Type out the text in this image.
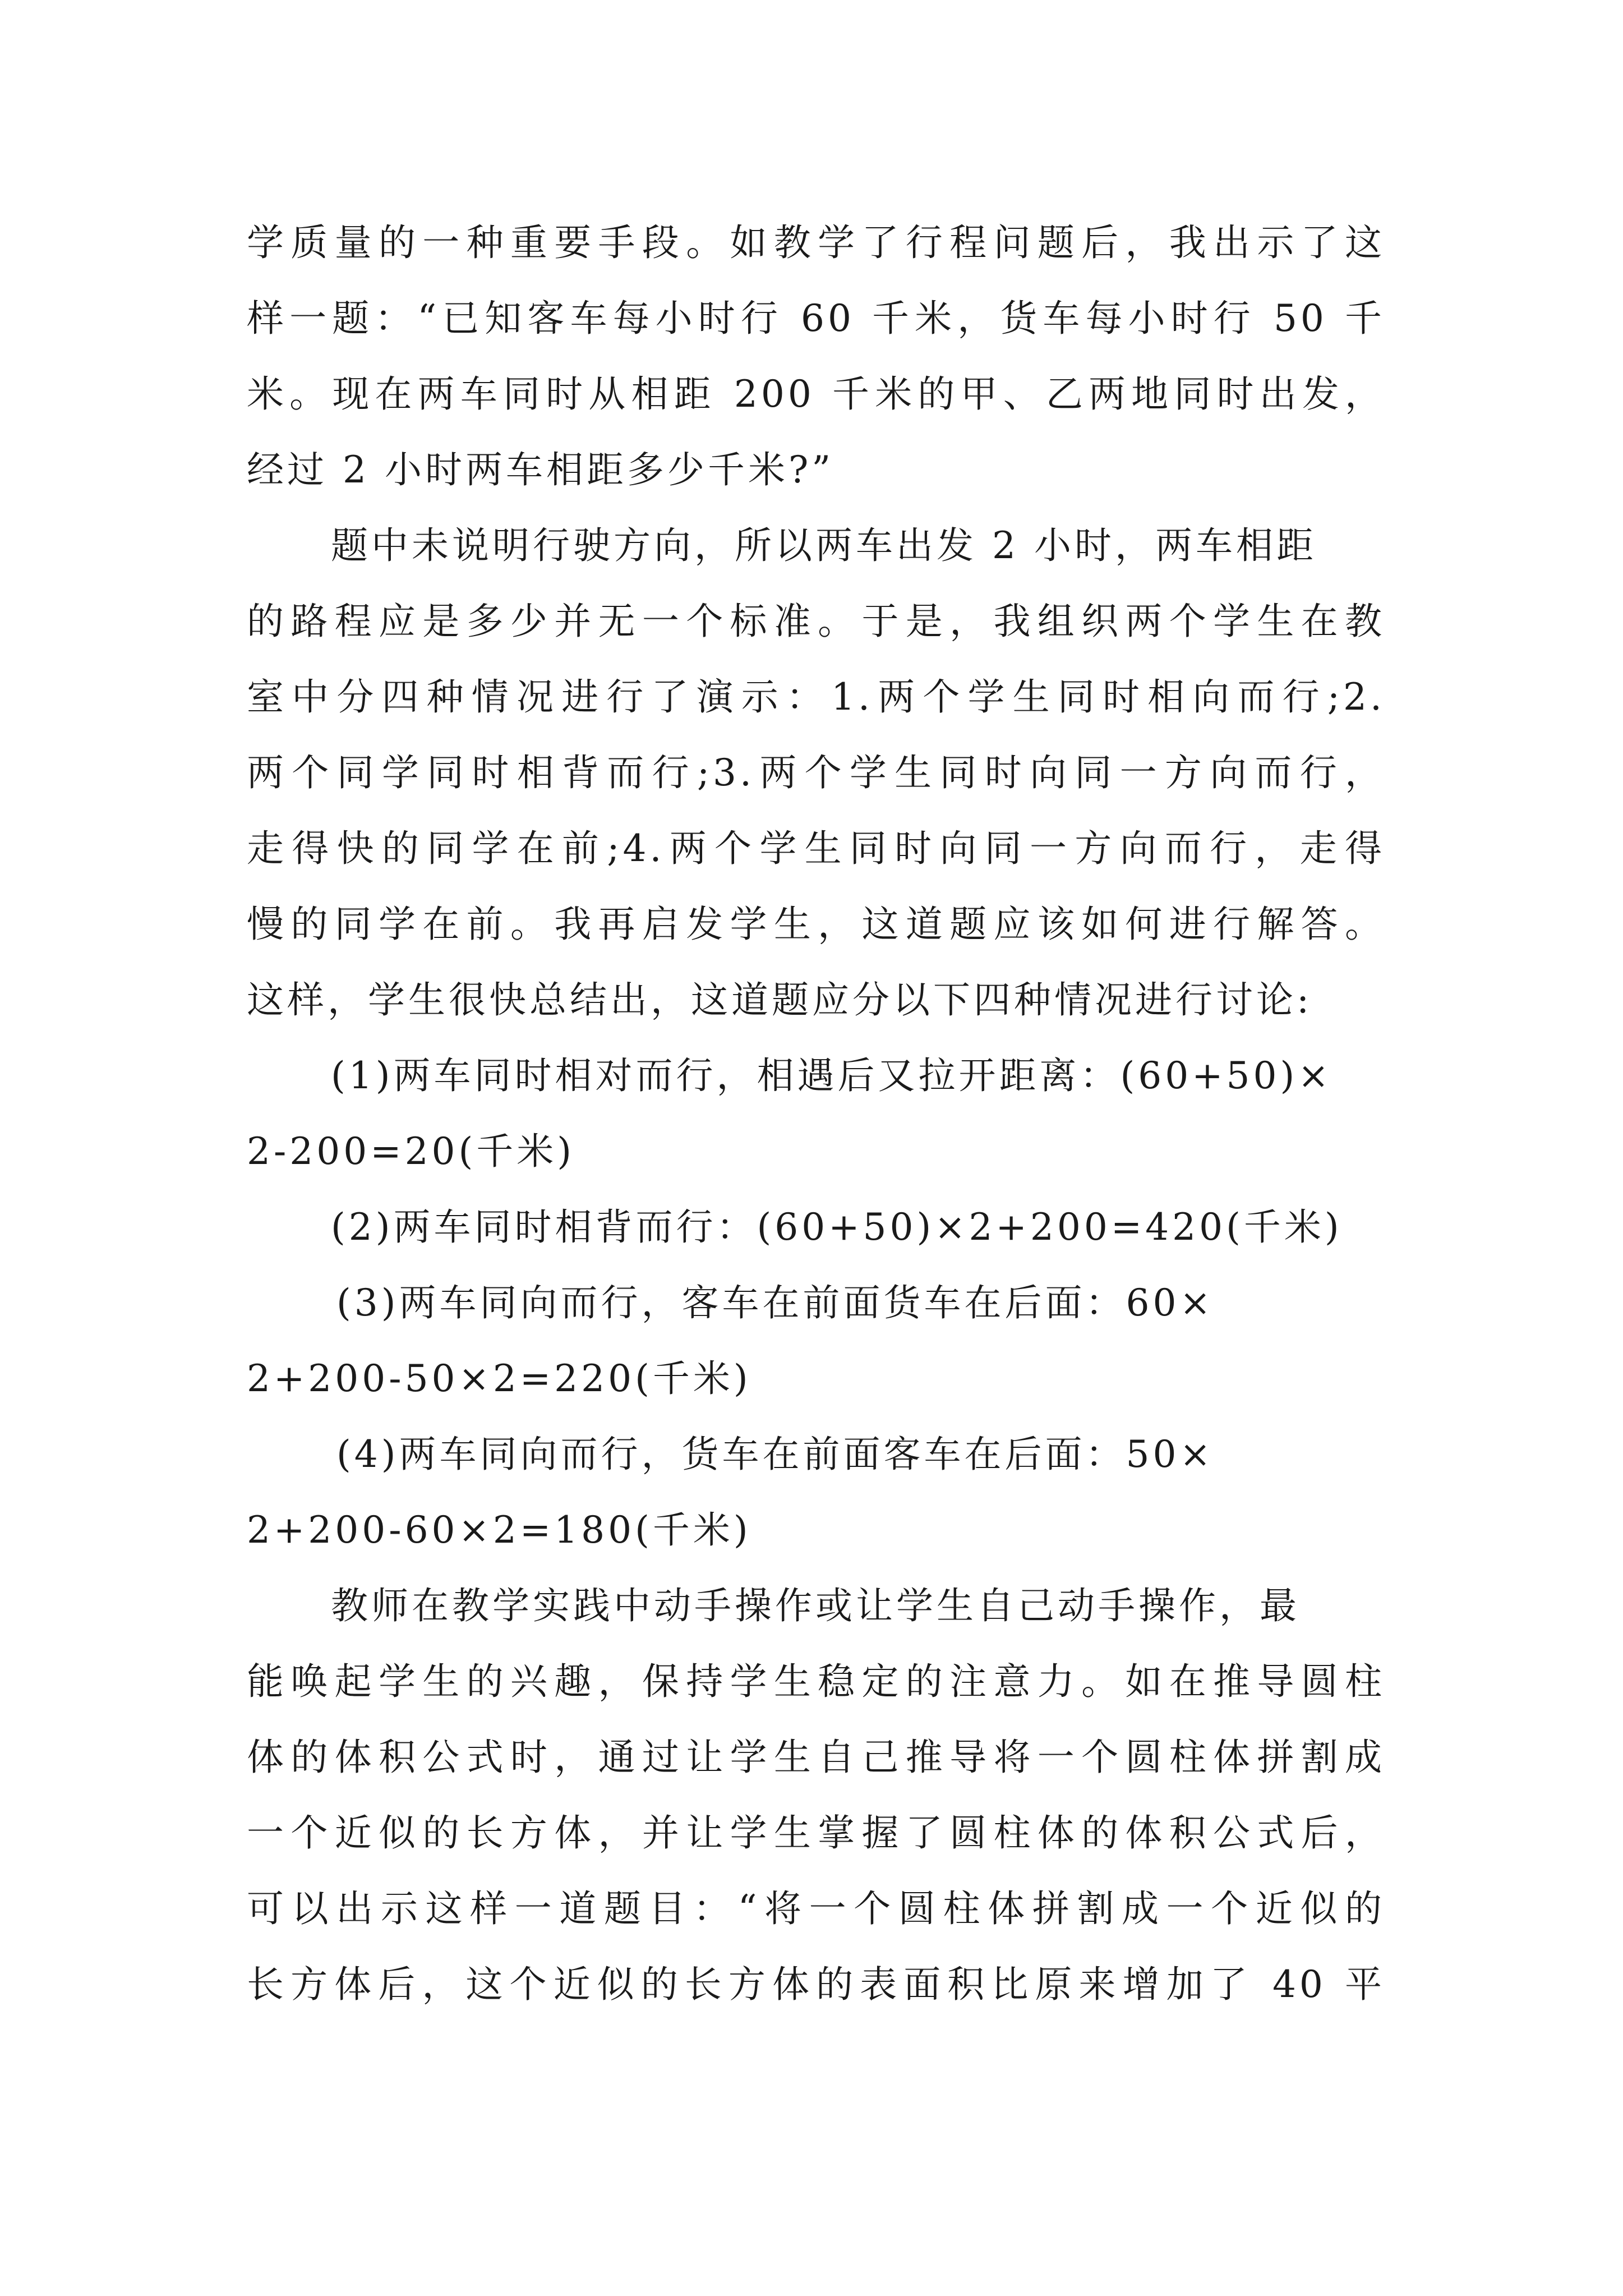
学质量的一种重要手段。如教学了行程问题后，我出示了这
样一题：“已知客车每小时行 60 千米，货车每小时行 50 千
米。现在两车同时从相距 200 千米的甲、乙两地同时出发，
经过 2 小时两车相距多少千米?”
题中未说明行驶方向，所以两车出发 2 小时，两车相距
的路程应是多少并无一个标准。于是，我组织两个学生在教
室中分四种情况进行了演示：1.两个学生同时相向而行;2.
两个同学同时相背而行;3.两个学生同时向同一方向而行，
走得快的同学在前;4.两个学生同时向同一方向而行，走得
慢的同学在前。我再启发学生，这道题应该如何进行解答。
这样，学生很快总结出，这道题应分以下四种情况进行讨论:
(1)两车同时相对而行，相遇后又拉开距离：(60+50)×
2-200=20(千米)
(2)两车同时相背而行：(60+50)×2+200=420(千米)
(3)两车同向而行，客车在前面货车在后面：60×
2+200-50×2=220(千米)
(4)两车同向而行，货车在前面客车在后面：50×
2+200-60×2=180(千米)
教师在教学实践中动手操作或让学生自己动手操作，最
能唤起学生的兴趣，保持学生稳定的注意力。如在推导圆柱
体的体积公式时，通过让学生自己推导将一个圆柱体拼割成
一个近似的长方体，并让学生掌握了圆柱体的体积公式后，
可以出示这样一道题目：“将一个圆柱体拼割成一个近似的
长方体后，这个近似的长方体的表面积比原来增加了 40 平
